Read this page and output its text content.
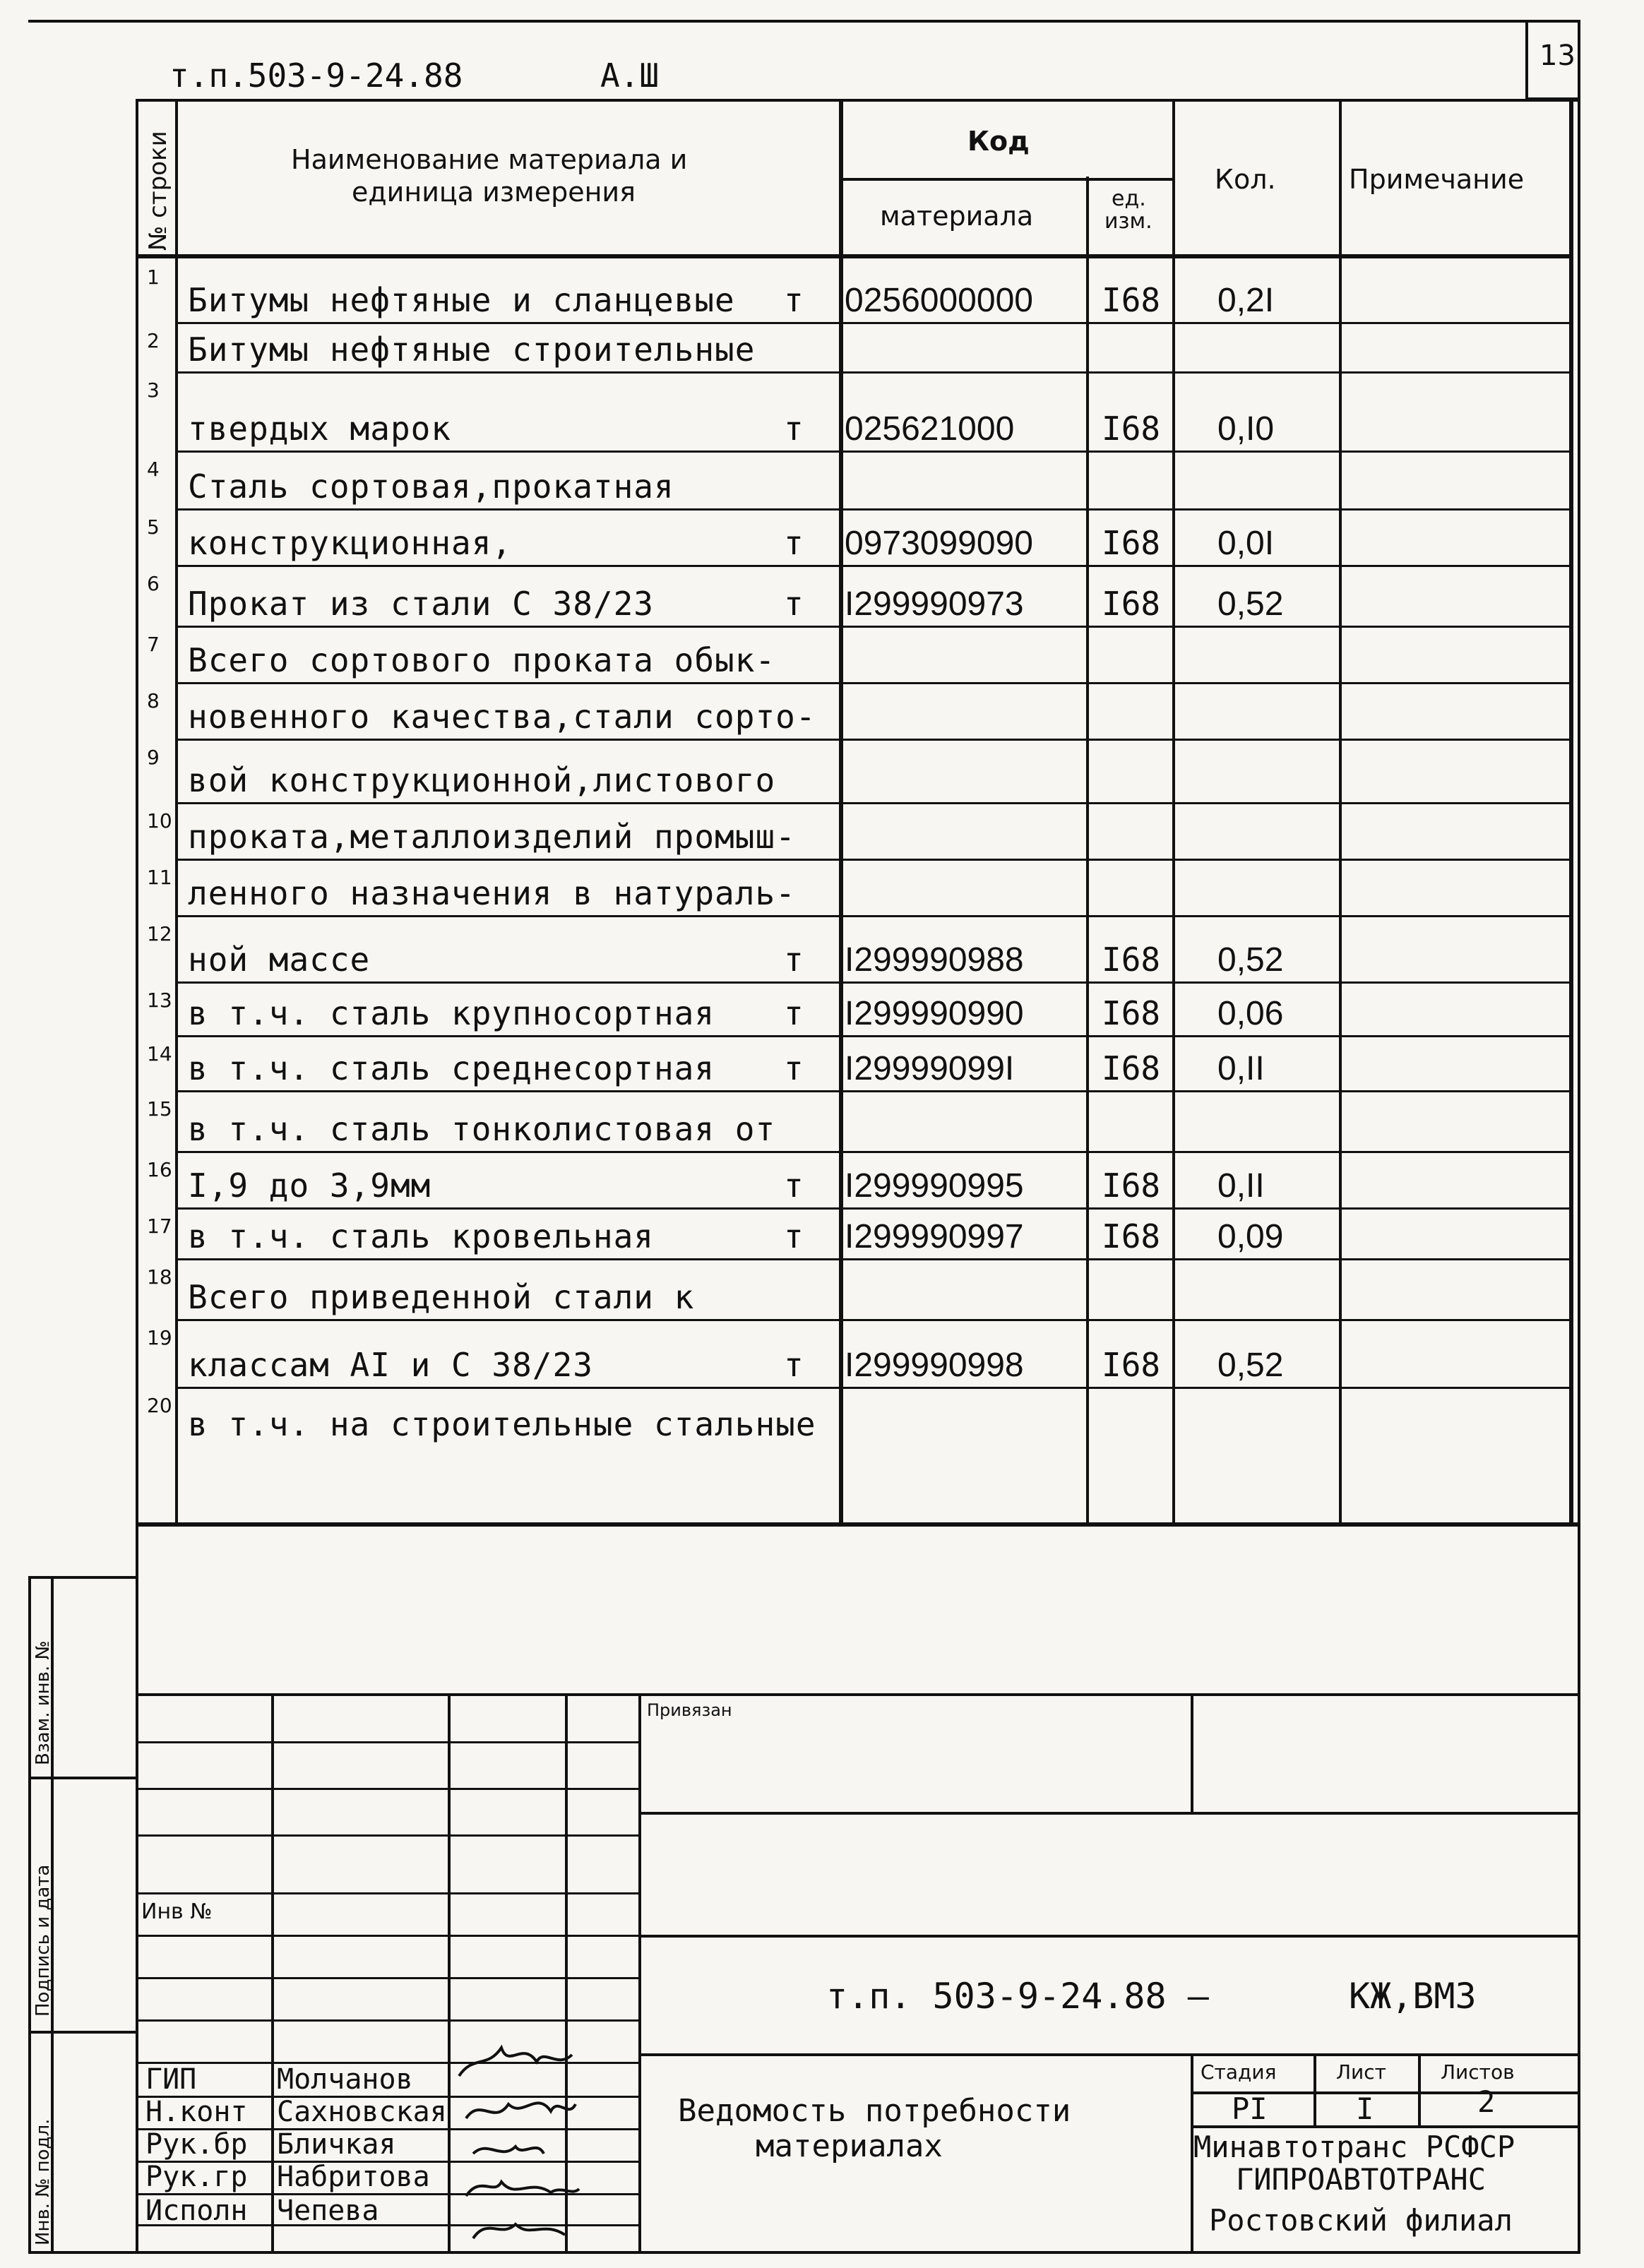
13
т.п.503-9-24.88	А.Ш
№ строки	Наименование материала и
единица измерения
Код
материала
ед.
изм.
Кол.	Примечание
1
Битумы нефтяные и сланцевые т 0256000000 I68 0,2I
2 Битумы нефтяные строительные
3
твердых марок	т 025621000	I68 0,I0
4 Сталь сортовая,прокатная
5 конструкционная,	т 0973099090 I68 0,0I
6
Прокат из стали С 38/23	т I299990973 I68 0,52
7 Всего сортового проката обык-
8 новенного качества,стали сорто-
9
вой конструкционной,листового
10 проката,металлоизделий промыш-
11 ленного назначения в натураль-
12
ной массе	т I299990988 I68 0,52
13 в т.ч. сталь крупносортная т I299990990 I68 0,06
14 в т.ч. сталь среднесортная т I29999099I	I68 0,II
15
в т.ч. сталь тонколистовая от
16 I,9 до 3,9мм	т I299990995 I68 0,II
17 в т.ч. сталь кровельная	т I299990997 I68 0,09
18
Всего приведенной стали к
19
классам AI и С 38/23	т I299990998 I68 0,52
20 в т.ч. на строительные стальные
Взам. инв. №
Подпись и дата
Инв. № подл.
Привязан
Инв №
т.п. 503-9-24.88 —	КЖ,ВМ3
Ведомость потребности
материалах
Стадия	Лист	Листов
РI	I	2
Минавтотранс РСФСР
ГИПРОАВТОТРАНС
Ростовский филиал
ГИП	Молчанов
Н.конт Сахновская
Рук.бр Бличкая
Рук.гр Набритова
Исполн Чепева
